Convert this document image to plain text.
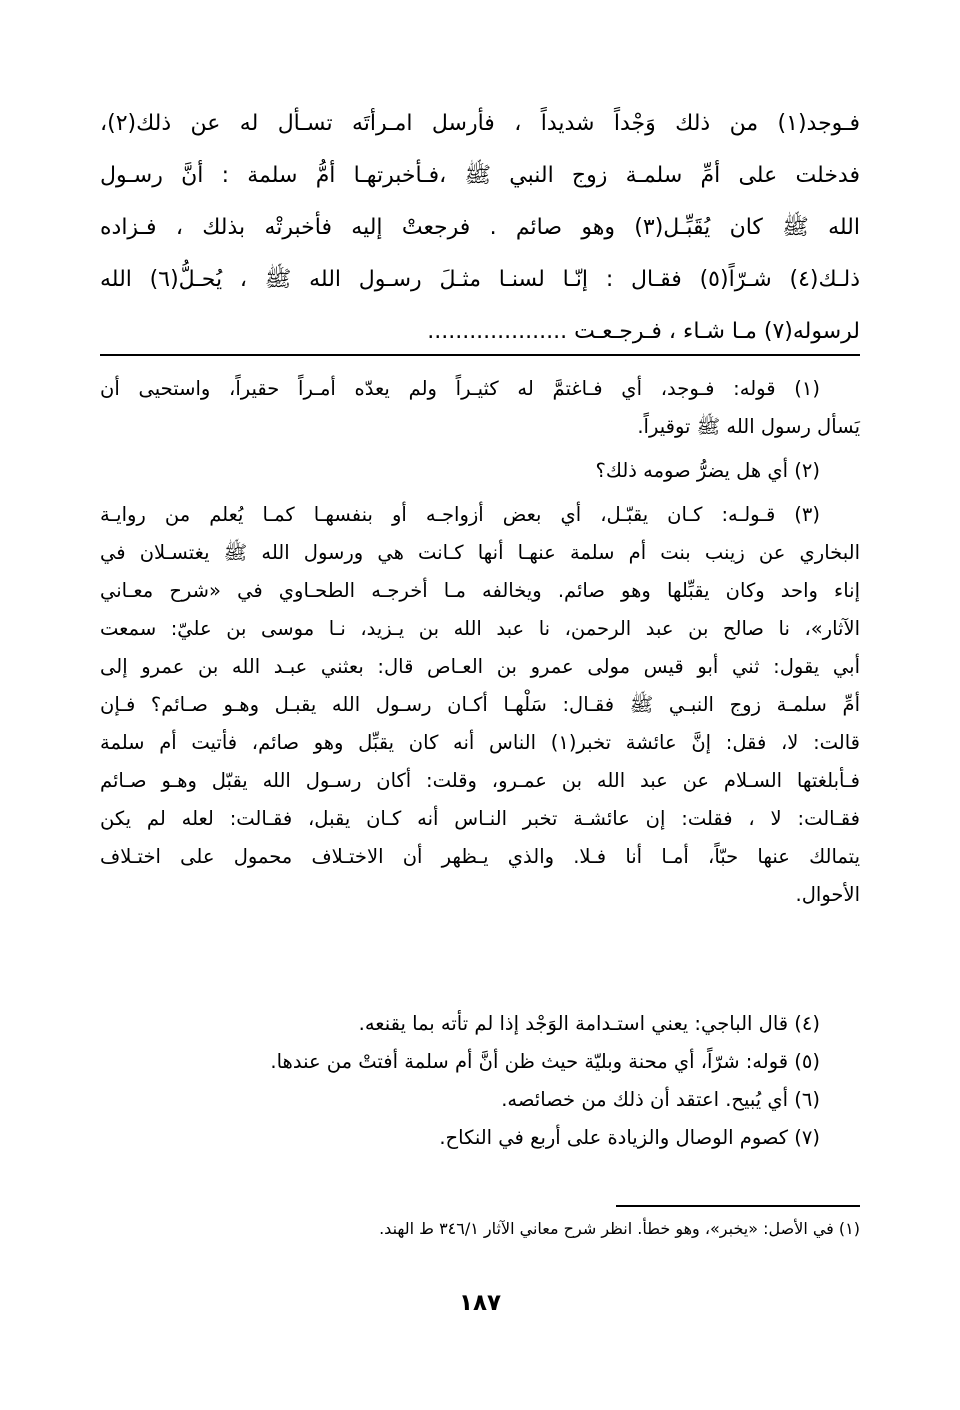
فـوجد(١) من ذلك وَجْداً شديداً ، فأرسل امـرأتَه تسـأل له عن ذلك(٢)،
فدخلت على أمِّ سلمـة زوج النبي ﷺ ،فـأخبرتهـا أمُّ سلمة : أنَّ رسـول
الله ﷺ كان يُقَبِّـل(٣) وهو صائم . فرجعتْ إليه فأخبرتْه بذلك ، فـزاده
ذلـك(٤) شـرّاً(٥) فقـال : إنّـا لسنـا مثـلَ رسـول الله ﷺ ، يُحـلُّ(٦) الله
لرسوله(٧) مـا شـاء ، فـرجـعـت ....................
(١) قوله: فـوجد، أي فـاغتمَّ له كثيـراً ولم يعدّه أمـراً حقيراً، واستحيى أن
يَسأل رسول الله ﷺ توقيراً.
(٢) أي هل يضرُّ صومه ذلك؟
(٣) قـولـه: كـان يقبّـل، أي بعض أزواجـه أو بنفسهـا كمـا يُعلم من روايـة
البخاري عن زينب بنت أم سلمة عنهـا أنها كـانت هي ورسول الله ﷺ يغتسـلان في
إناء واحد وكان يقبِّلها وهو صائم. ويخالفه مـا أخرجـه الطحـاوي في «شرح معـاني
الآثار»، نا صالح بن عبد الرحمن، نا عبد الله بن يـزيد، نـا موسى بن عليّ: سمعت
أبي يقول: ثني أبو قيس مولى عمرو بن العـاص قال: بعثني عبـد الله بن عمرو إلى
أمِّ سلمـة زوج النبـي ﷺ فقـال: سَلْهـا أكـان رسـول الله يقبـل وهـو صـائم؟ فـإن
قالت: لا، فقل: إنَّ عائشة تخبر(١) الناس أنه كان يقبِّل وهو صائم، فأتيت أم سلمة
فـأبلغتها السـلام عن عبد الله بن عمـرو، وقلت: أكان رسـول الله يقبّل وهـو صـائم
فقـالت: لا ، فقلت: إن عائشـة تخبر النـاس أنه كـان يقبل، فقـالت: لعله لم يكن
يتمالك عنها حبّاً، أمـا أنا فـلا. والذي يـظهر أن الاختـلاف محمول على اختـلاف
الأحوال.
(٤) قال الباجي: يعني استـدامة الوَجْد إذا لم تأته بما يقنعه.
(٥) قوله: شرّاً، أي محنة وبليّة حيث ظن أنَّ أم سلمة أفتتْ من عندها.
(٦) أي يُبيح. اعتقد أن ذلك من خصائصه.
(٧) كصوم الوصال والزيادة على أربع في النكاح.
(١) في الأصل: «يخبر»، وهو خطأ. انظر شرح معاني الآثار ٣٤٦/١ ط الهند.
١٨٧
